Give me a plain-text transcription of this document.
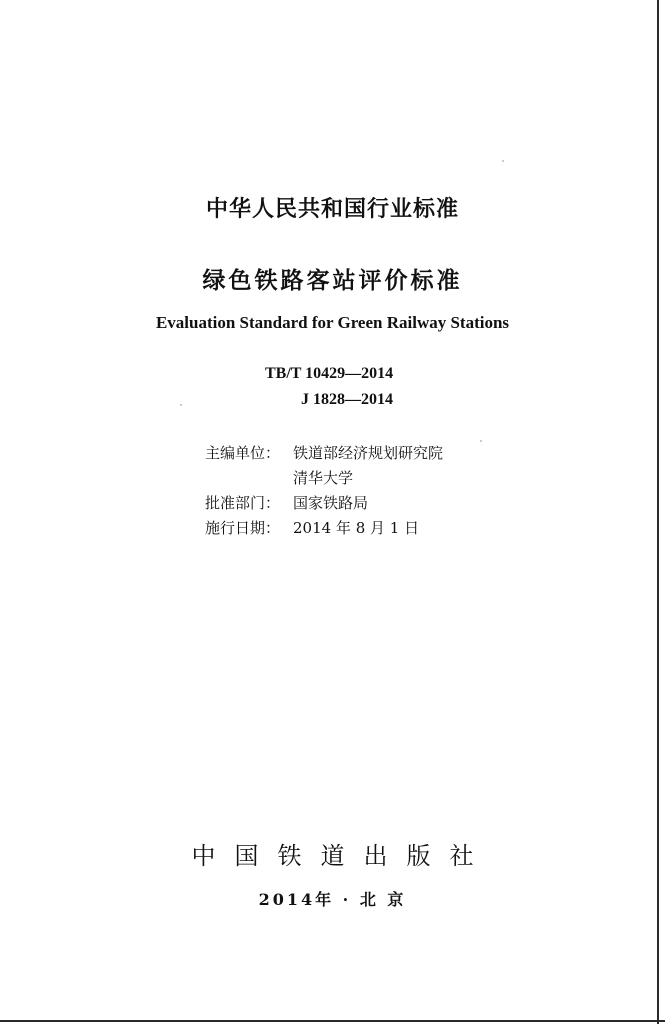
中华人民共和国行业标准
绿色铁路客站评价标准
Evaluation Standard for Green Railway Stations
TB/T 10429—2014
J 1828—2014
主编单位： 铁道部经济规划研究院
清华大学
批准部门： 国家铁路局
施行日期： 2014 年 8 月 1 日
中国铁道出版社
2014年 · 北 京
